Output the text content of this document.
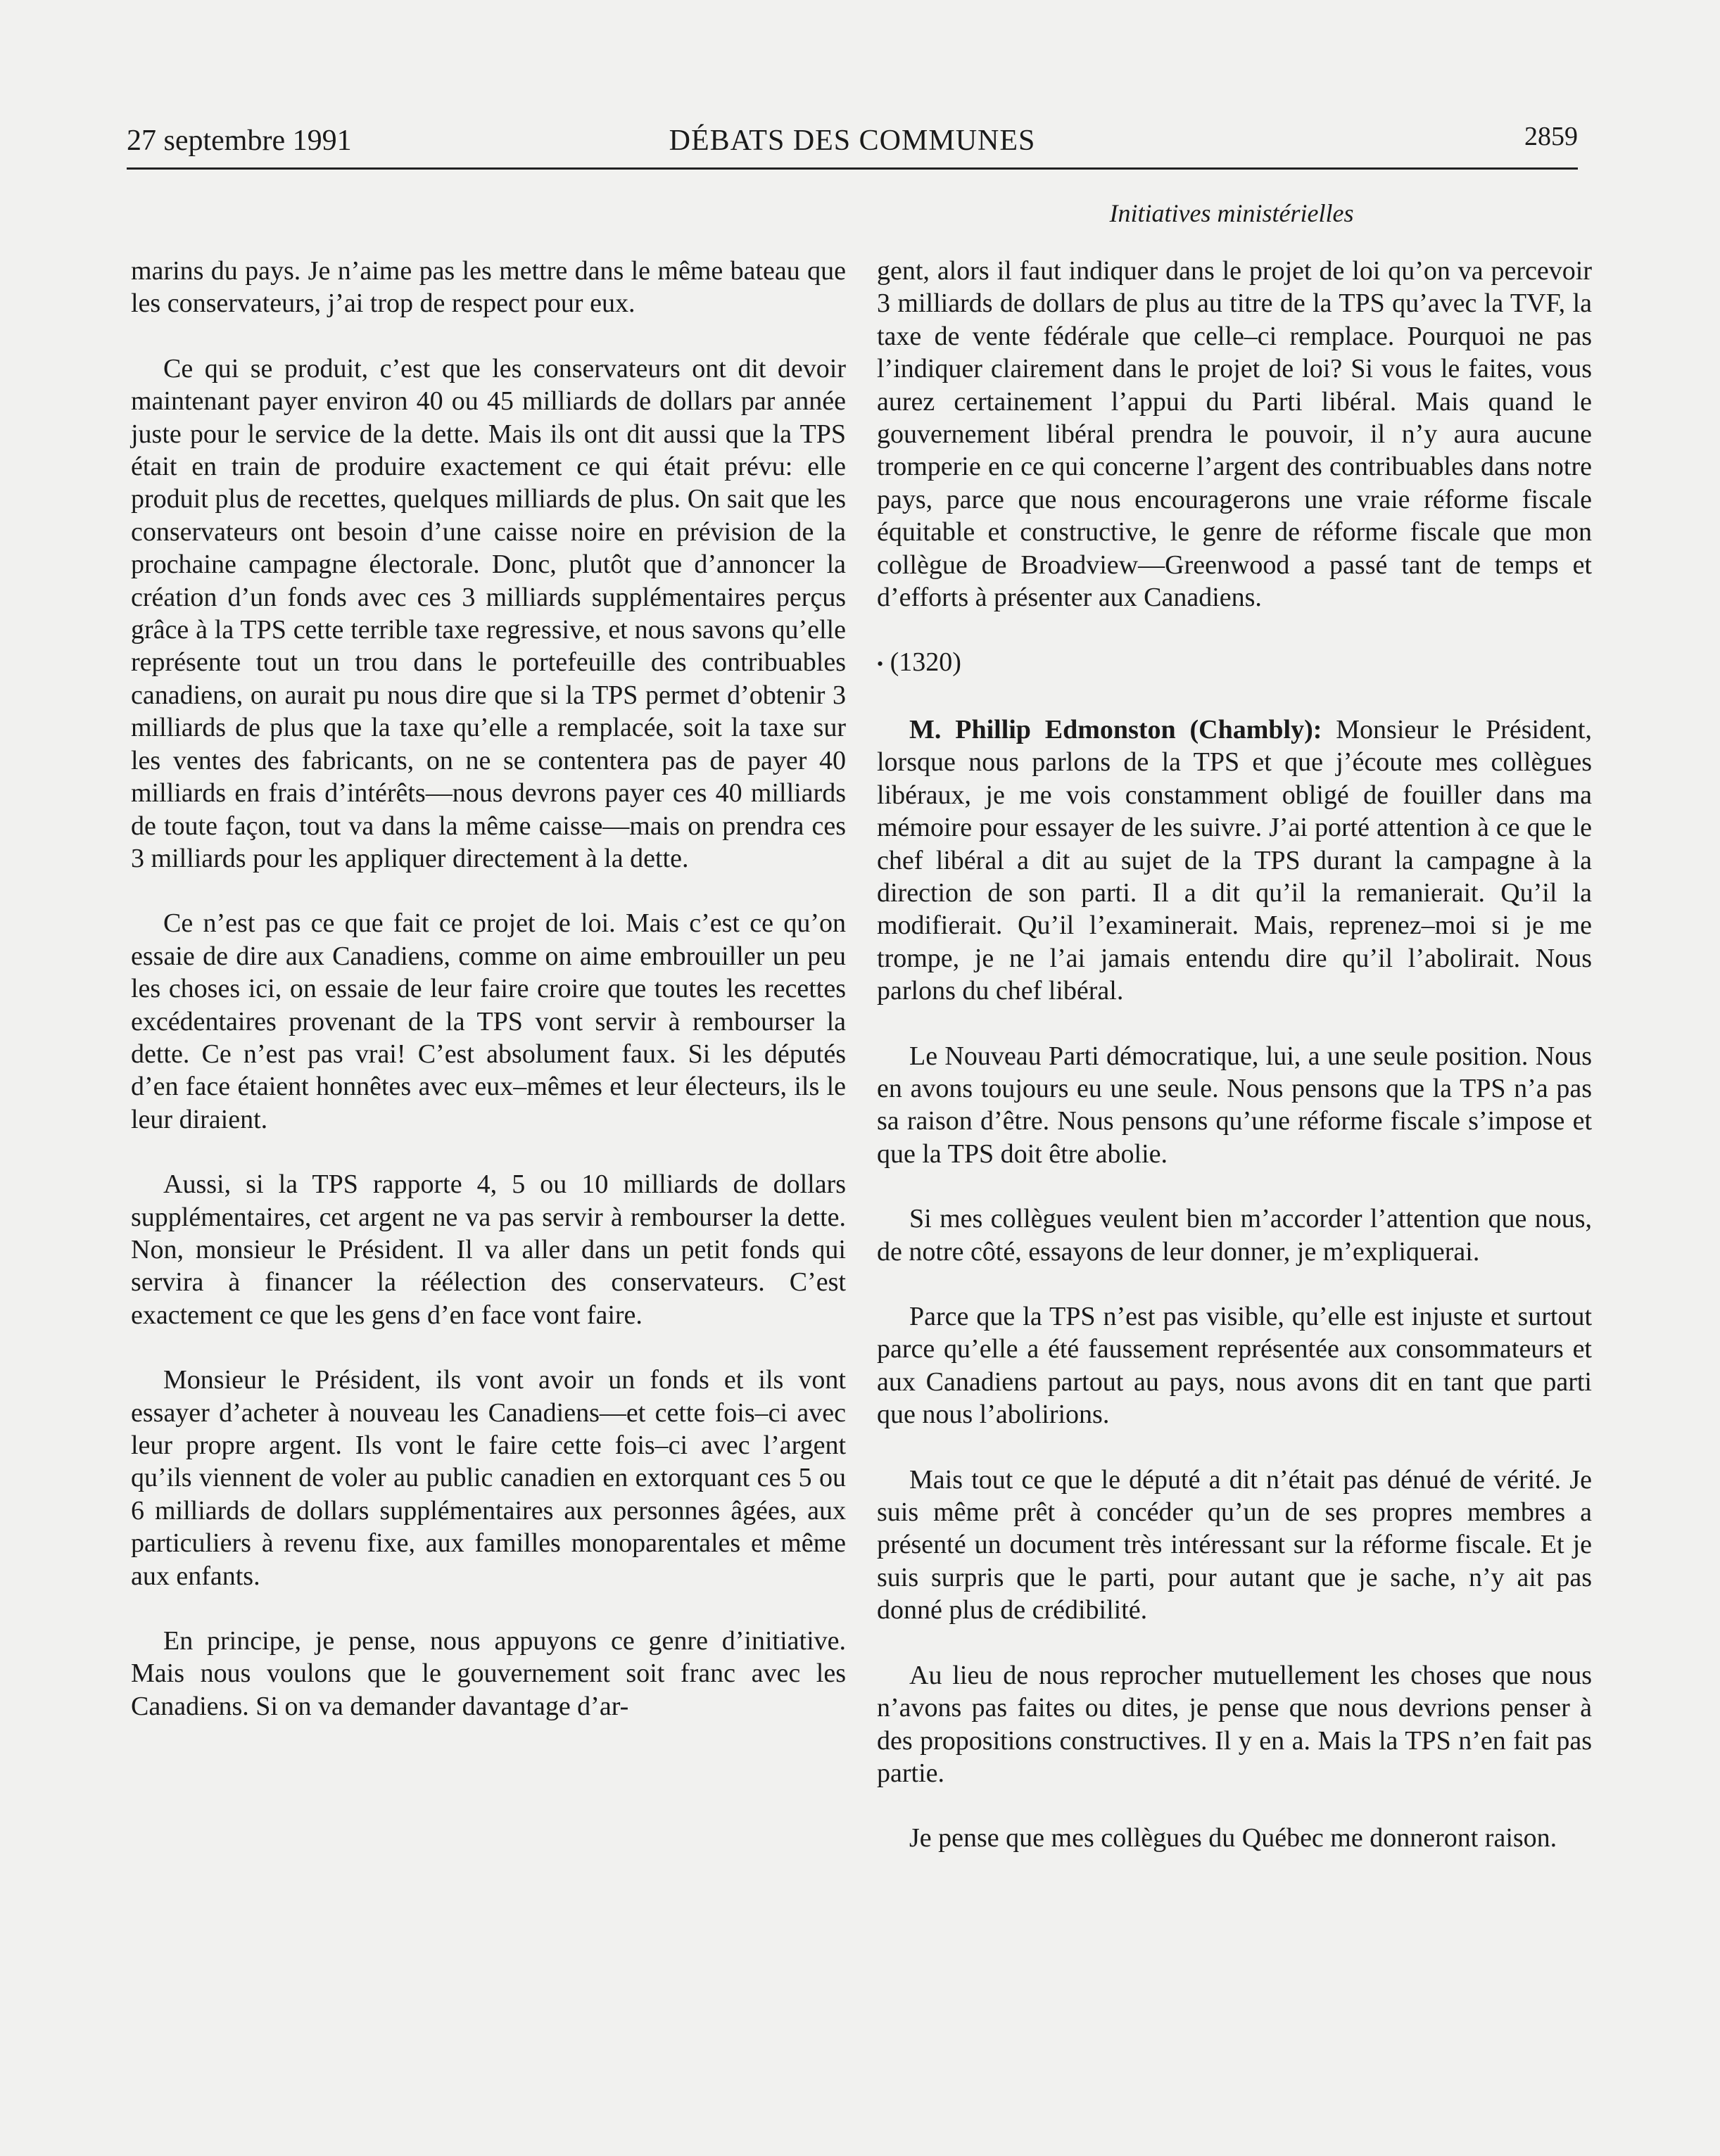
27 septembre 1991	DÉBATS DES COMMUNES	2859
Initiatives ministérielles

marins du pays. Je n’aime pas les mettre dans le même bateau que les conservateurs, j’ai trop de respect pour eux.

Ce qui se produit, c’est que les conservateurs ont dit devoir maintenant payer environ 40 ou 45 milliards de dollars par année juste pour le service de la dette. Mais ils ont dit aussi que la TPS était en train de produire exactement ce qui était prévu: elle produit plus de recettes, quelques milliards de plus. On sait que les conservateurs ont besoin d’une caisse noire en prévision de la prochaine campagne électorale. Donc, plutôt que d’annoncer la création d’un fonds avec ces 3 milliards supplémentaires perçus grâce à la TPS cette terrible taxe regressive, et nous savons qu’elle représente tout un trou dans le portefeuille des contribuables canadiens, on aurait pu nous dire que si la TPS permet d’obtenir 3 milliards de plus que la taxe qu’elle a remplacée, soit la taxe sur les ventes des fabricants, on ne se contentera pas de payer 40 milliards en frais d’intérêts—nous devrons payer ces 40 milliards de toute façon, tout va dans la même caisse—mais on prendra ces 3 milliards pour les appliquer directement à la dette.

Ce n’est pas ce que fait ce projet de loi. Mais c’est ce qu’on essaie de dire aux Canadiens, comme on aime embrouiller un peu les choses ici, on essaie de leur faire croire que toutes les recettes excédentaires provenant de la TPS vont servir à rembourser la dette. Ce n’est pas vrai! C’est absolument faux. Si les députés d’en face étaient honnêtes avec eux–mêmes et leur électeurs, ils le leur diraient.

Aussi, si la TPS rapporte 4, 5 ou 10 milliards de dollars supplémentaires, cet argent ne va pas servir à rembourser la dette. Non, monsieur le Président. Il va aller dans un petit fonds qui servira à financer la réélection des conservateurs. C’est exactement ce que les gens d’en face vont faire.

Monsieur le Président, ils vont avoir un fonds et ils vont essayer d’acheter à nouveau les Canadiens—et cette fois–ci avec leur propre argent. Ils vont le faire cette fois–ci avec l’argent qu’ils viennent de voler au public canadien en extorquant ces 5 ou 6 milliards de dollars supplémentaires aux personnes âgées, aux particuliers à revenu fixe, aux familles monoparentales et même aux enfants.

En principe, je pense, nous appuyons ce genre d’initiative. Mais nous voulons que le gouvernement soit franc avec les Canadiens. Si on va demander davantage d’ar-

gent, alors il faut indiquer dans le projet de loi qu’on va percevoir 3 milliards de dollars de plus au titre de la TPS qu’avec la TVF, la taxe de vente fédérale que celle–ci remplace. Pourquoi ne pas l’indiquer clairement dans le projet de loi? Si vous le faites, vous aurez certainement l’appui du Parti libéral. Mais quand le gouvernement libéral prendra le pouvoir, il n’y aura aucune tromperie en ce qui concerne l’argent des contribuables dans notre pays, parce que nous encouragerons une vraie réforme fiscale équitable et constructive, le genre de réforme fiscale que mon collègue de Broadview—Greenwood a passé tant de temps et d’efforts à présenter aux Canadiens.

• (1320)

M. Phillip Edmonston (Chambly): Monsieur le Président, lorsque nous parlons de la TPS et que j’écoute mes collègues libéraux, je me vois constamment obligé de fouiller dans ma mémoire pour essayer de les suivre. J’ai porté attention à ce que le chef libéral a dit au sujet de la TPS durant la campagne à la direction de son parti. Il a dit qu’il la remanierait. Qu’il la modifierait. Qu’il l’examinerait. Mais, reprenez–moi si je me trompe, je ne l’ai jamais entendu dire qu’il l’abolirait. Nous parlons du chef libéral.

Le Nouveau Parti démocratique, lui, a une seule position. Nous en avons toujours eu une seule. Nous pensons que la TPS n’a pas sa raison d’être. Nous pensons qu’une réforme fiscale s’impose et que la TPS doit être abolie.

Si mes collègues veulent bien m’accorder l’attention que nous, de notre côté, essayons de leur donner, je m’expliquerai.

Parce que la TPS n’est pas visible, qu’elle est injuste et surtout parce qu’elle a été faussement représentée aux consommateurs et aux Canadiens partout au pays, nous avons dit en tant que parti que nous l’abolirions.

Mais tout ce que le député a dit n’était pas dénué de vérité. Je suis même prêt à concéder qu’un de ses propres membres a présenté un document très intéressant sur la réforme fiscale. Et je suis surpris que le parti, pour autant que je sache, n’y ait pas donné plus de crédibilité.

Au lieu de nous reprocher mutuellement les choses que nous n’avons pas faites ou dites, je pense que nous devrions penser à des propositions constructives. Il y en a. Mais la TPS n’en fait pas partie.

Je pense que mes collègues du Québec me donneront raison.
